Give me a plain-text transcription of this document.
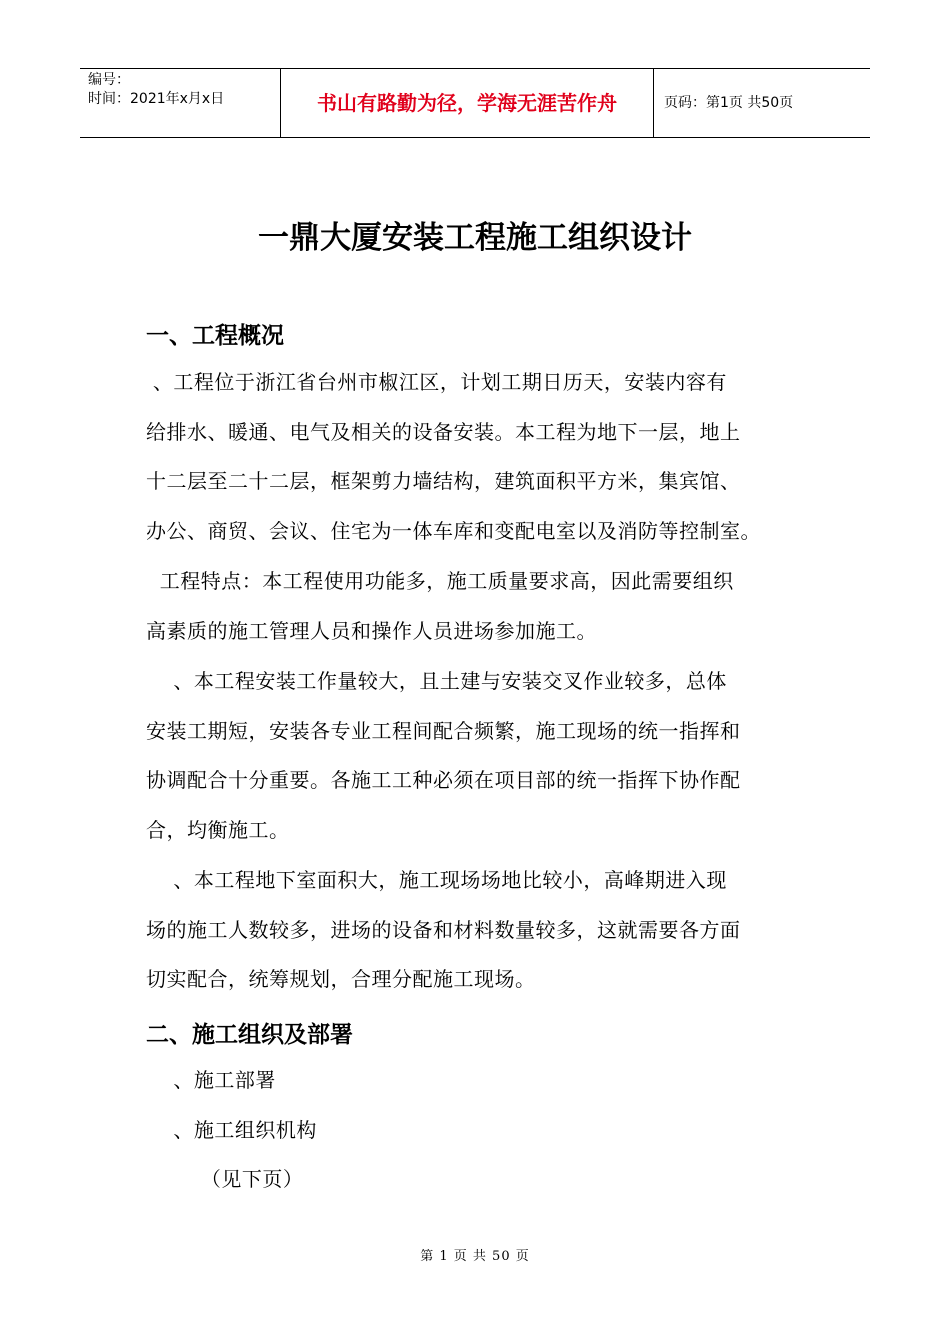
编号：
时间：2021年x月x日	书山有路勤为径，学海无涯苦作舟	页码：第1页 共50页
一鼎大厦安装工程施工组织设计
一、工程概况
、工程位于浙江省台州市椒江区，计划工期日历天，安装内容有
给排水、暖通、电气及相关的设备安装。本工程为地下一层，地上
十二层至二十二层，框架剪力墙结构，建筑面积平方米，集宾馆、
办公、商贸、会议、住宅为一体车库和变配电室以及消防等控制室。
工程特点：本工程使用功能多，施工质量要求高，因此需要组织
高素质的施工管理人员和操作人员进场参加施工。
、本工程安装工作量较大，且土建与安装交叉作业较多，总体
安装工期短，安装各专业工程间配合频繁，施工现场的统一指挥和
协调配合十分重要。各施工工种必须在项目部的统一指挥下协作配
合，均衡施工。
、本工程地下室面积大，施工现场场地比较小，高峰期进入现
场的施工人数较多，进场的设备和材料数量较多，这就需要各方面
切实配合，统筹规划，合理分配施工现场。
二、施工组织及部署
、施工部署
、施工组织机构
（见下页）
第 1 页 共 50 页
